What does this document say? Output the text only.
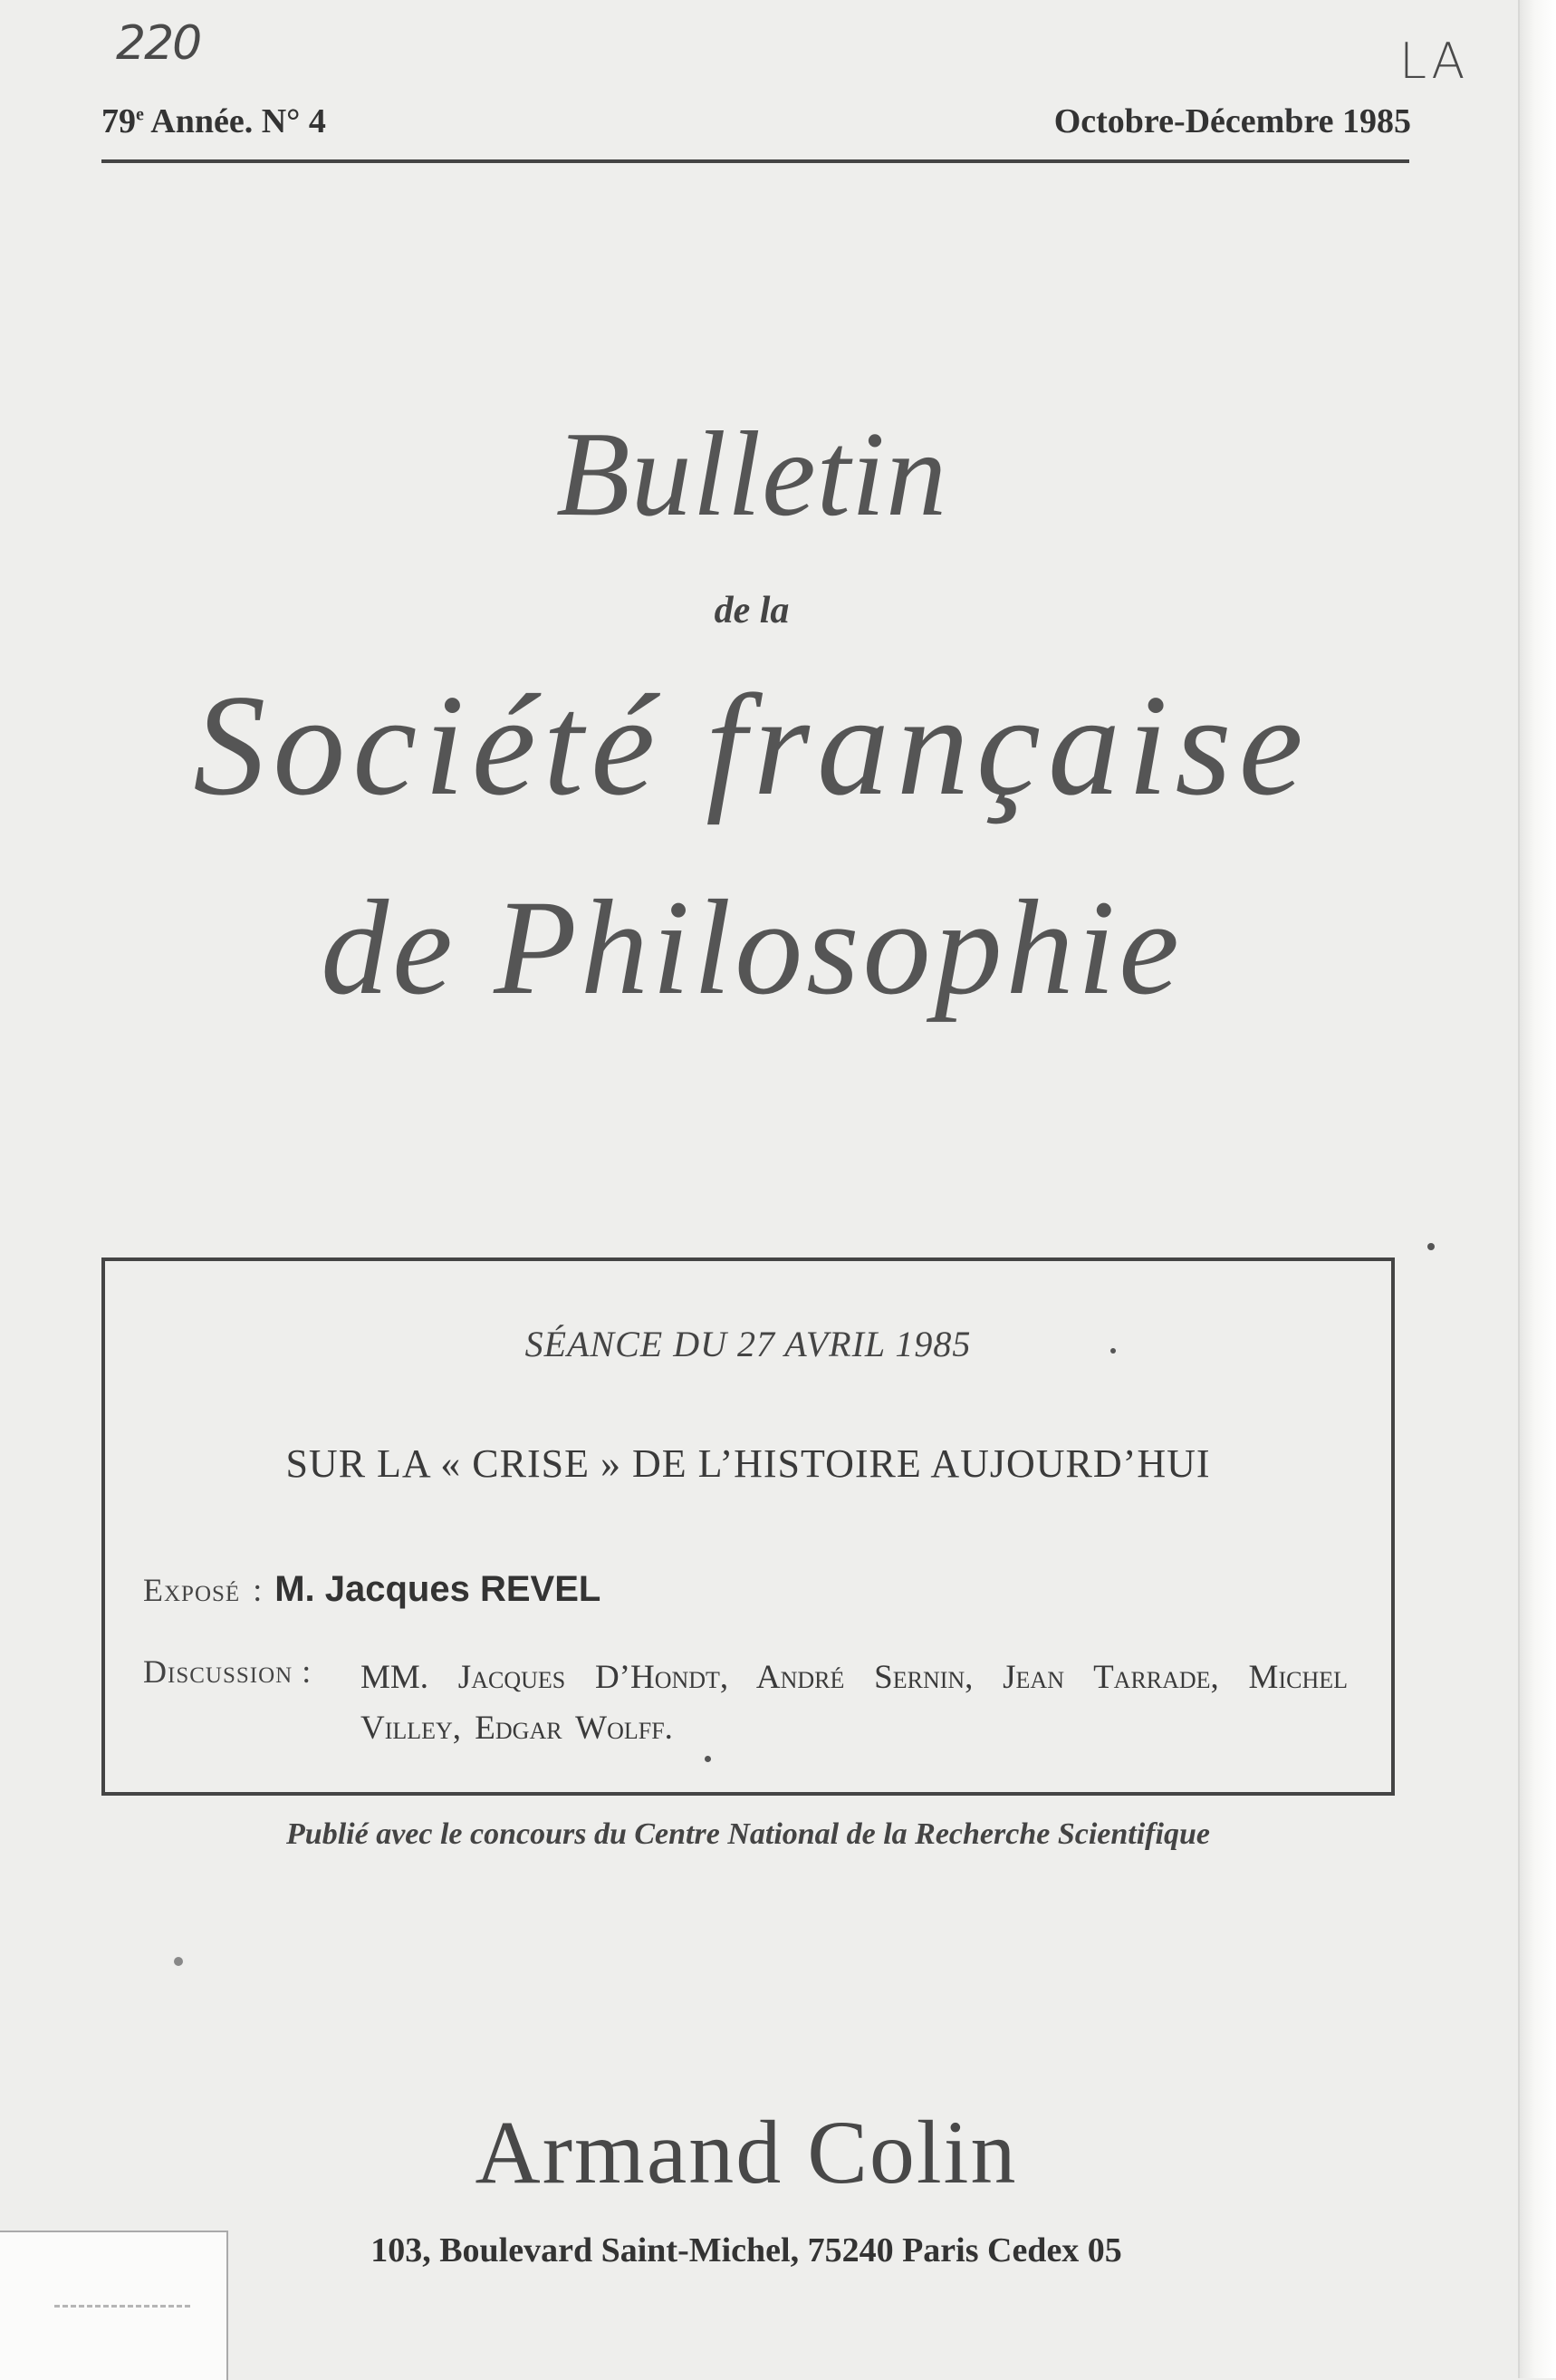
220	LA
79e Année. N° 4	Octobre-Décembre 1985
Bulletin
de la
Société française
de Philosophie
SÉANCE DU 27 AVRIL 1985
SUR LA « CRISE » DE L’HISTOIRE AUJOURD’HUI
Exposé : M. Jacques REVEL
Discussion : MM. Jacques D’Hondt, André Sernin, Jean Tarrade, Michel Villey, Edgar Wolff.
Publié avec le concours du Centre National de la Recherche Scientifique
Armand Colin
103, Boulevard Saint-Michel, 75240 Paris Cedex 05
